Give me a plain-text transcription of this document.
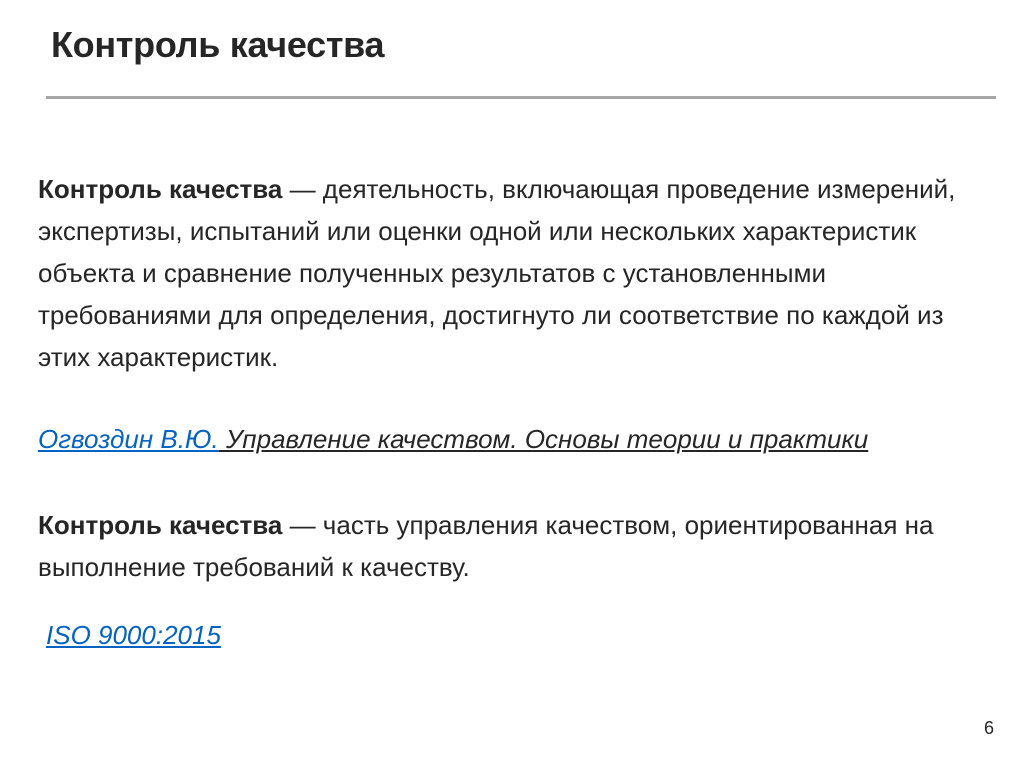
Контроль качества

Контроль качества — деятельность, включающая проведение измерений, экспертизы, испытаний или оценки одной или нескольких характеристик объекта и сравнение полученных результатов с установленными требованиями для определения, достигнуто ли соответствие по каждой из этих характеристик.

Огвоздин В.Ю. Управление качеством. Основы теории и практики

Контроль качества — часть управления качеством, ориентированная на выполнение требований к качеству.

ISO 9000:2015

6
